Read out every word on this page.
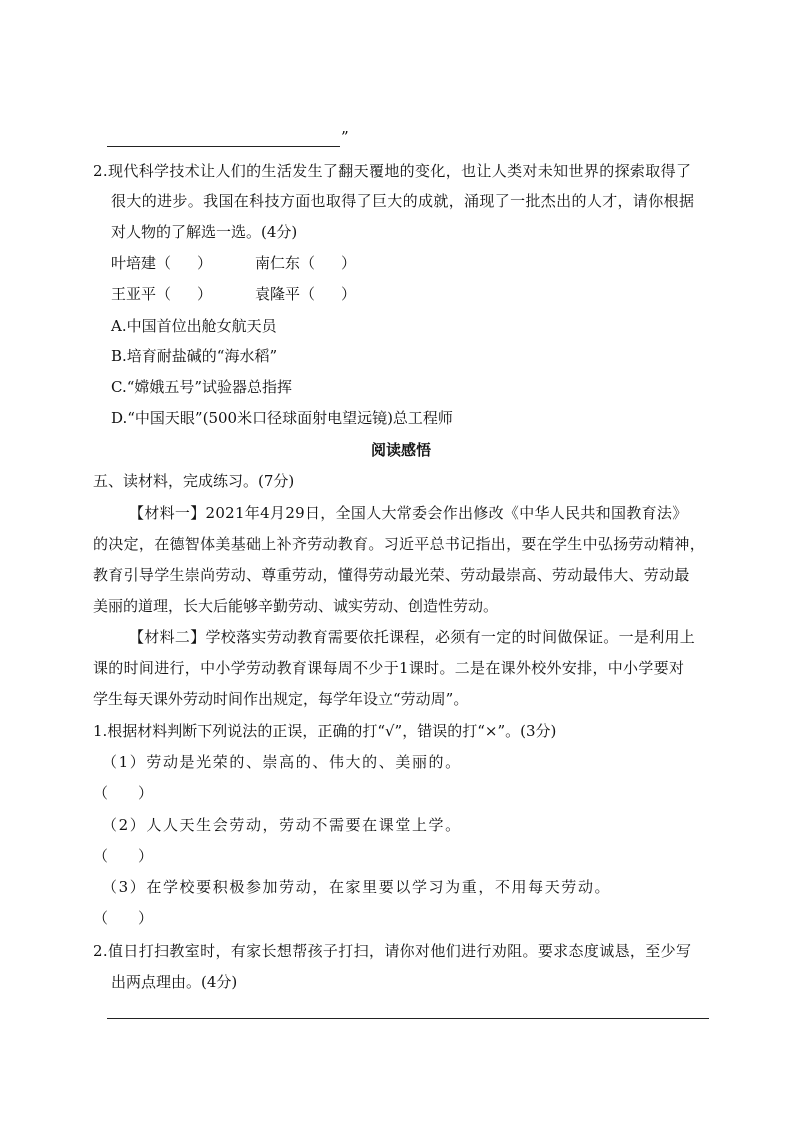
”
2.现代科学技术让人们的生活发生了翻天覆地的变化，也让人类对未知世界的探索取得了
很大的进步。我国在科技方面也取得了巨大的成就，涌现了一批杰出的人才，请你根据
对人物的了解选一选。(4分)
叶培建（ ）	南仁东（ ）
王亚平（ ）	袁隆平（ ）
A.中国首位出舱女航天员
B.培育耐盐碱的“海水稻”
C.“嫦娥五号”试验器总指挥
D.“中国天眼”(500米口径球面射电望远镜)总工程师
阅读感悟
五、读材料，完成练习。(7分)
【材料一】2021年4月29日，全国人大常委会作出修改《中华人民共和国教育法》
的决定，在德智体美基础上补齐劳动教育。习近平总书记指出，要在学生中弘扬劳动精神，
教育引导学生崇尚劳动、尊重劳动，懂得劳动最光荣、劳动最崇高、劳动最伟大、劳动最
美丽的道理，长大后能够辛勤劳动、诚实劳动、创造性劳动。
【材料二】学校落实劳动教育需要依托课程，必须有一定的时间做保证。一是利用上
课的时间进行，中小学劳动教育课每周不少于1课时。二是在课外校外安排，中小学要对
学生每天课外劳动时间作出规定，每学年设立“劳动周”。
1.根据材料判断下列说法的正误，正确的打“√”，错误的打“×”。(3分)
（1）劳动是光荣的、崇高的、伟大的、美丽的。
（　　）
（2）人人天生会劳动，劳动不需要在课堂上学。
（　　）
（3）在学校要积极参加劳动，在家里要以学习为重，不用每天劳动。
（　　）
2.值日打扫教室时，有家长想帮孩子打扫，请你对他们进行劝阻。要求态度诚恳，至少写
出两点理由。(4分)
